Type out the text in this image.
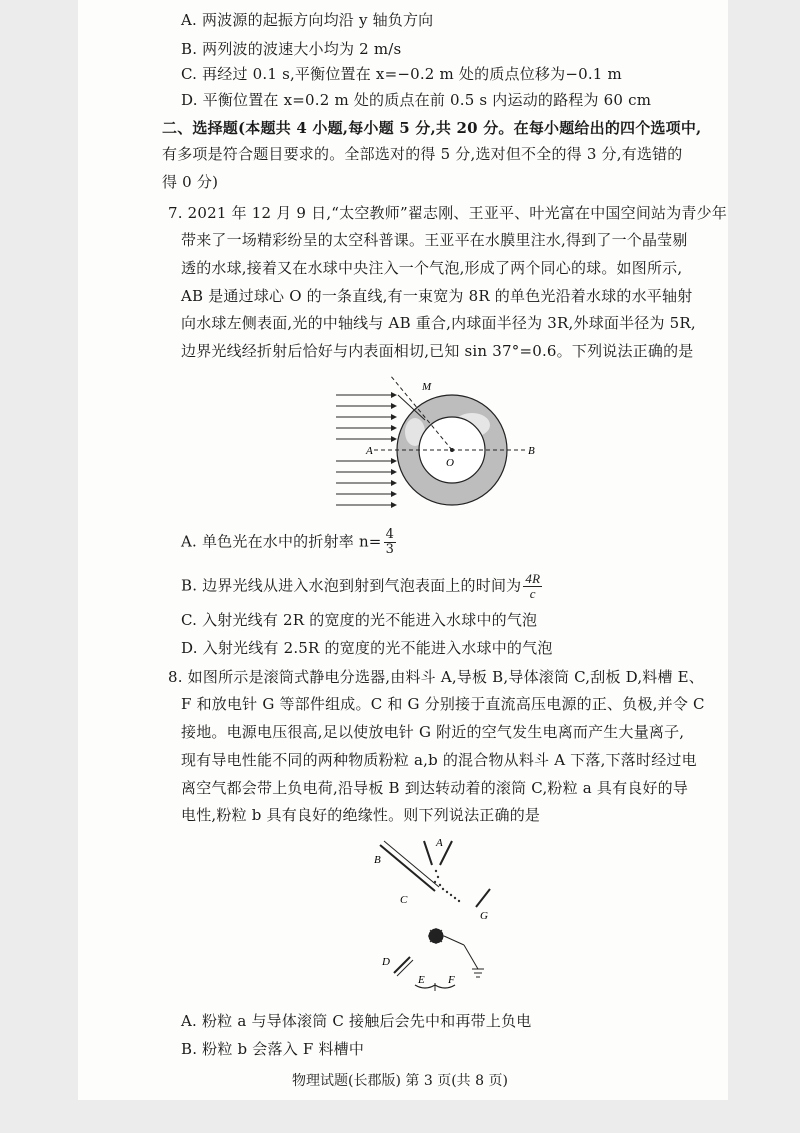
A. 两波源的起振方向均沿 y 轴负方向
B. 两列波的波速大小均为 2 m/s
C. 再经过 0.1 s,平衡位置在 x=−0.2 m 处的质点位移为−0.1 m
D. 平衡位置在 x=0.2 m 处的质点在前 0.5 s 内运动的路程为 60 cm
二、选择题(本题共 4 小题,每小题 5 分,共 20 分。在每小题给出的四个选项中,
有多项是符合题目要求的。全部选对的得 5 分,选对但不全的得 3 分,有选错的
得 0 分)
7. 2021 年 12 月 9 日,“太空教师”翟志刚、王亚平、叶光富在中国空间站为青少年
带来了一场精彩纷呈的太空科普课。王亚平在水膜里注水,得到了一个晶莹剔
透的水球,接着又在水球中央注入一个气泡,形成了两个同心的球。如图所示,
AB 是通过球心 O 的一条直线,有一束宽为 8R 的单色光沿着水球的水平轴射
向水球左侧表面,光的中轴线与 AB 重合,内球面半径为 3R,外球面半径为 5R,
边界光线经折射后恰好与内表面相切,已知 sin 37°=0.6。下列说法正确的是
M
A
O
B
A. 单色光在水中的折射率 $n= \frac{4}{3}$
B. 边界光线从进入水泡到射到气泡表面上的时间为 $\frac{4R}{c}$
C. 入射光线有 2R 的宽度的光不能进入水球中的气泡
D. 入射光线有 2.5R 的宽度的光不能进入水球中的气泡
8. 如图所示是滚筒式静电分选器,由料斗 A,导板 B,导体滚筒 C,刮板 D,料槽 E、
F 和放电针 G 等部件组成。C 和 G 分别接于直流高压电源的正、负极,并令 C
接地。电源电压很高,足以使放电针 G 附近的空气发生电离而产生大量离子,
现有导电性能不同的两种物质粉粒 a,b 的混合物从料斗 A 下落,下落时经过电
离空气都会带上负电荷,沿导板 B 到达转动着的滚筒 C,粉粒 a 具有良好的导
电性,粉粒 b 具有良好的绝缘性。则下列说法正确的是
A
B
C
G
D
E F
A. 粉粒 a 与导体滚筒 C 接触后会先中和再带上负电
B. 粉粒 b 会落入 F 料槽中
物理试题(长郡版) 第 3 页(共 8 页)
